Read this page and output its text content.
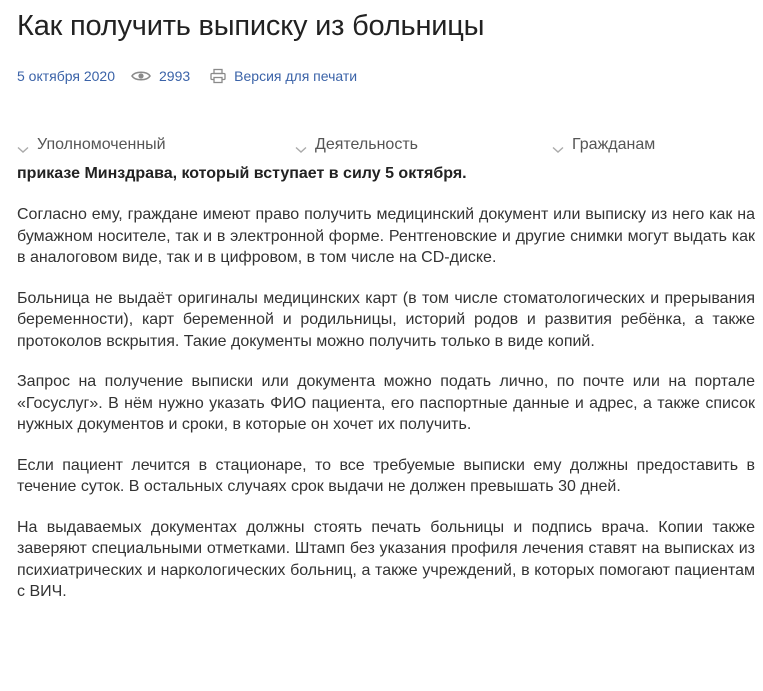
Как получить выписку из больницы
5 октября 2020	2993	Версия для печати
Уполномоченный	Деятельность	Гражданам
приказе Минздрава, который вступает в силу 5 октября.

Согласно ему, граждане имеют право получить медицинский документ или выписку из него как на бумажном носителе, так и в электронной форме. Рентгеновские и другие снимки могут выдать как в аналоговом виде, так и в цифровом, в том числе на CD-диске.

Больница не выдаёт оригиналы медицинских карт (в том числе стоматологических и прерывания беременности), карт беременной и родильницы, историй родов и развития ребёнка, а также протоколов вскрытия. Такие документы можно получить только в виде копий.

Запрос на получение выписки или документа можно подать лично, по почте или на портале «Госуслуг». В нём нужно указать ФИО пациента, его паспортные данные и адрес, а также список нужных документов и сроки, в которые он хочет их получить.

Если пациент лечится в стационаре, то все требуемые выписки ему должны предоставить в течение суток. В остальных случаях срок выдачи не должен превышать 30 дней.

На выдаваемых документах должны стоять печать больницы и подпись врача. Копии также заверяют специальными отметками. Штамп без указания профиля лечения ставят на выписках из психиатрических и наркологических больниц, а также учреждений, в которых помогают пациентам с ВИЧ.
